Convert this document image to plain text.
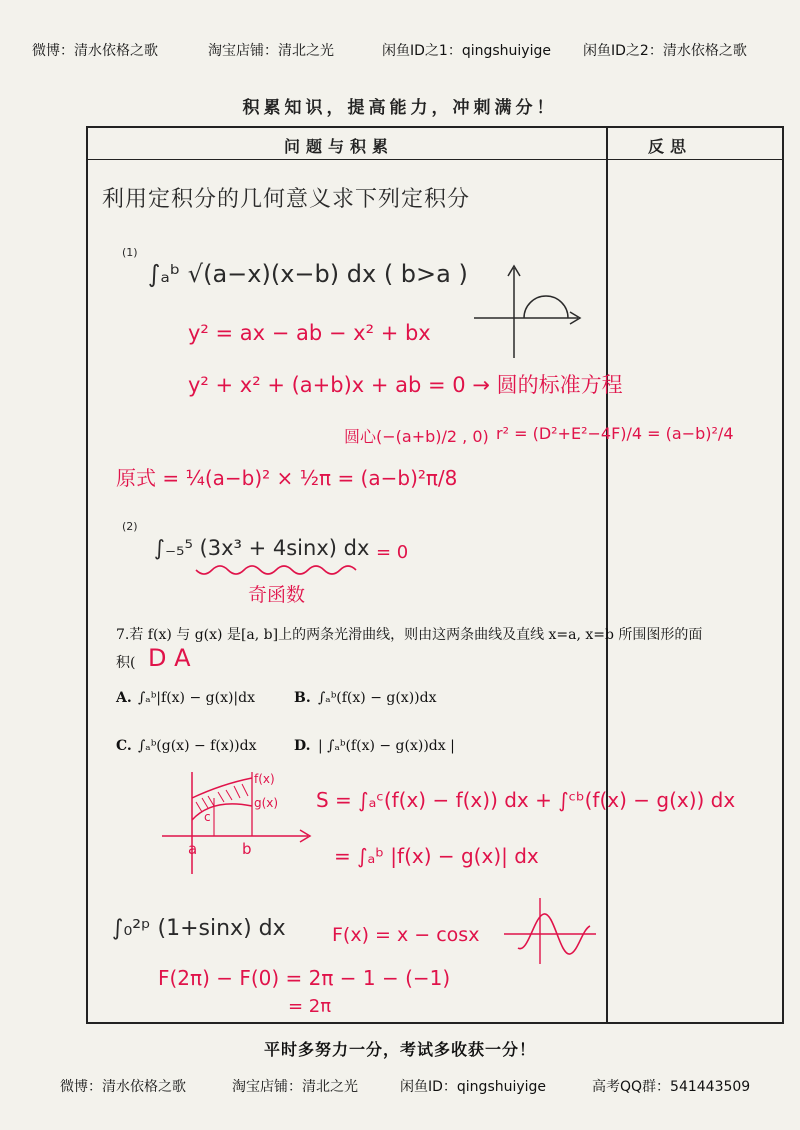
微博：清水依格之歌	淘宝店铺：清北之光	闲鱼ID之1：qingshuiyige 闲鱼ID之2：清水依格之歌
积累知识，提高能力，冲刺满分！
问题与积累	反思
利用定积分的几何意义求下列定积分
(1)
∫ₐᵇ √(a−x)(x−b) dx ( b>a )
y² = ax − ab − x² + bx
y² + x² + (a+b)x + ab = 0 → 圆的标准方程
圆心(−(a+b)/2 , 0) r² = (D²+E²−4F)/4 = (a−b)²/4
原式 = ¼(a−b)² × ½π = (a−b)²π/8
(2)
∫₋₅⁵ (3x³ + 4sinx) dx = 0
奇函数
7.若 f(x) 与 g(x) 是[a, b]上的两条光滑曲线，则由这两条曲线及直线 x=a, x=b 所围图形的面
积( D A
A. ∫ₐᵇ|f(x) − g(x)|dx	B. ∫ₐᵇ(f(x) − g(x))dx
C. ∫ₐᵇ(g(x) − f(x))dx	D. | ∫ₐᵇ(f(x) − g(x))dx |
f(x)
g(x)
c
a	b
S = ∫ₐᶜ(f(x) − f(x)) dx + ∫ᶜᵇ(f(x) − g(x)) dx
= ∫ₐᵇ |f(x) − g(x)| dx
∫₀²ᵖ (1+sinx) dx F(x) = x − cosx
F(2π) − F(0) = 2π − 1 − (−1)
= 2π
平时多努力一分，考试多收获一分！
微博：清水依格之歌	淘宝店铺：清北之光	闲鱼ID：qingshuiyige	高考QQ群：541443509
